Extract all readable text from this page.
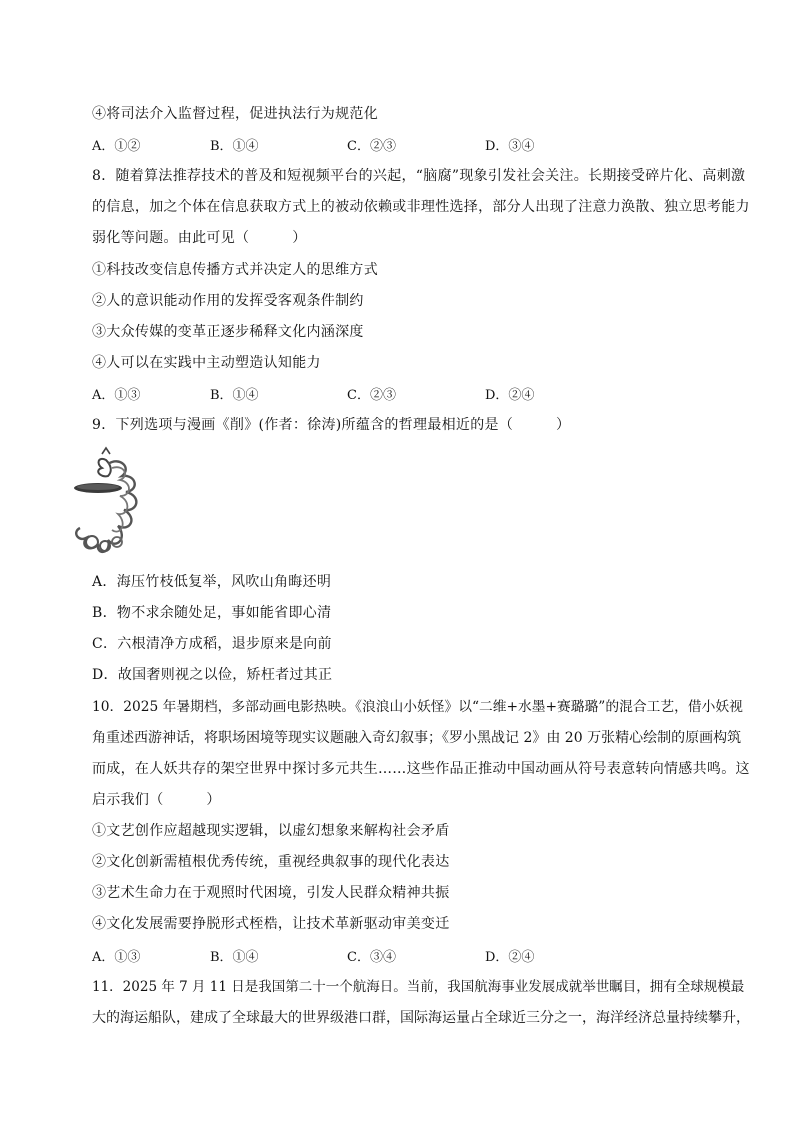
④将司法介入监督过程，促进执法行为规范化
A．①②	B．①④	C．②③	D．③④
8．随着算法推荐技术的普及和短视频平台的兴起，“脑腐”现象引发社会关注。长期接受碎片化、高刺激
的信息，加之个体在信息获取方式上的被动依赖或非理性选择，部分人出现了注意力涣散、独立思考能力
弱化等问题。由此可见（　　　）
①科技改变信息传播方式并决定人的思维方式
②人的意识能动作用的发挥受客观条件制约
③大众传媒的变革正逐步稀释文化内涵深度
④人可以在实践中主动塑造认知能力
A．①③	B．①④	C．②③	D．②④
9．下列选项与漫画《削》(作者：徐涛)所蕴含的哲理最相近的是（　　　）
A．海压竹枝低复举，风吹山角晦还明
B．物不求余随处足，事如能省即心清
C．六根清净方成稻，退步原来是向前
D．故国奢则视之以俭，矫枉者过其正
10．2025 年暑期档，多部动画电影热映。《浪浪山小妖怪》以“二维+水墨+赛璐璐”的混合工艺，借小妖视
角重述西游神话，将职场困境等现实议题融入奇幻叙事；《罗小黑战记 2》由 20 万张精心绘制的原画构筑
而成，在人妖共存的架空世界中探讨多元共生……这些作品正推动中国动画从符号表意转向情感共鸣。这
启示我们（　　　）
①文艺创作应超越现实逻辑，以虚幻想象来解构社会矛盾
②文化创新需植根优秀传统，重视经典叙事的现代化表达
③艺术生命力在于观照时代困境，引发人民群众精神共振
④文化发展需要挣脱形式桎梏，让技术革新驱动审美变迁
A．①③	B．①④	C．③④	D．②④
11．2025 年 7 月 11 日是我国第二十一个航海日。当前，我国航海事业发展成就举世瞩目，拥有全球规模最
大的海运船队，建成了全球最大的世界级港口群，国际海运量占全球近三分之一，海洋经济总量持续攀升，
